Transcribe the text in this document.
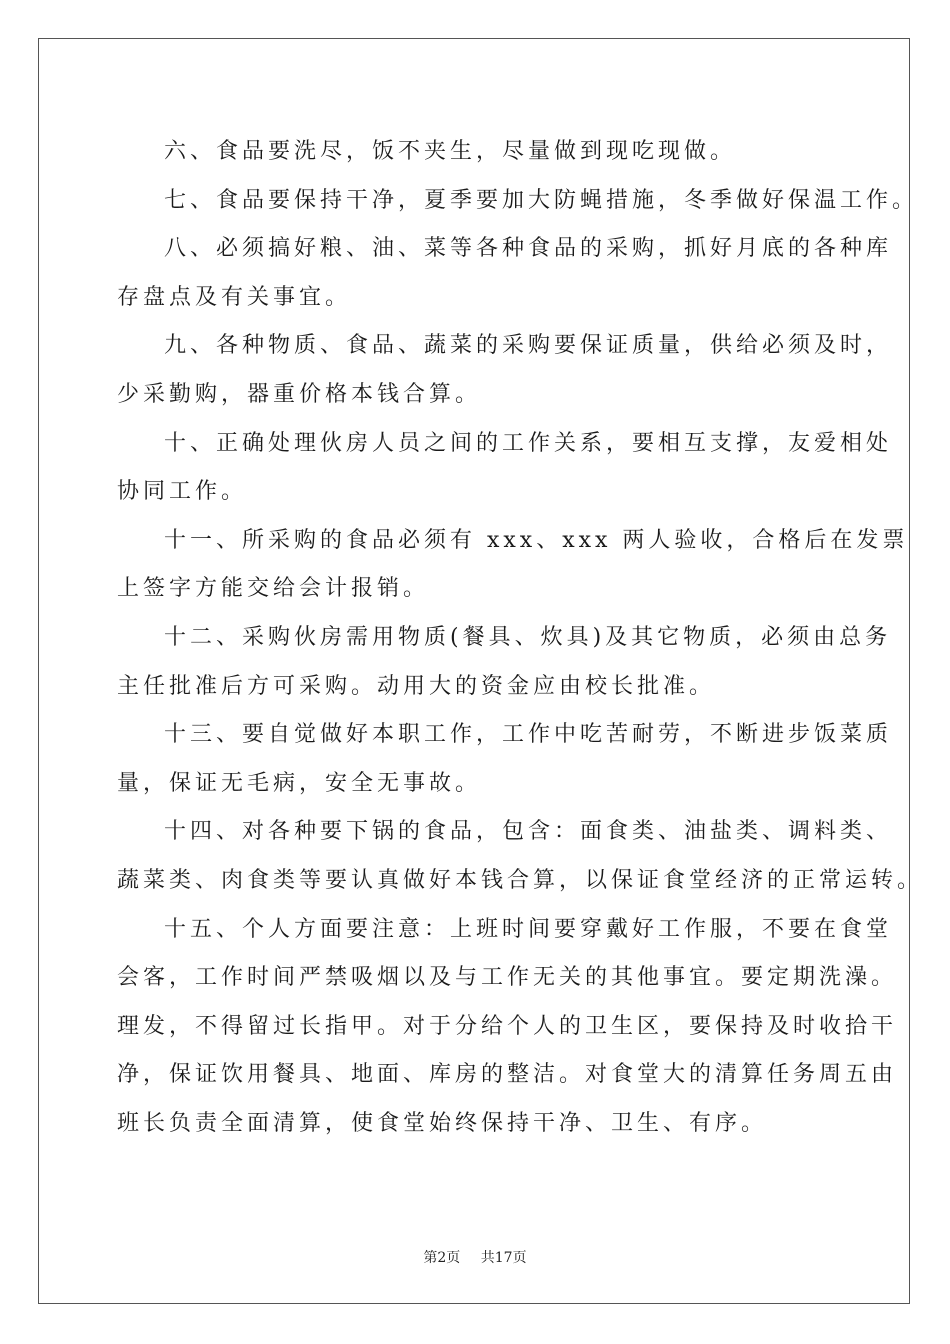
六、食品要洗尽，饭不夹生，尽量做到现吃现做。
七、食品要保持干净，夏季要加大防蝇措施，冬季做好保温工作。
八、必须搞好粮、油、菜等各种食品的采购，抓好月底的各种库
存盘点及有关事宜。
九、各种物质、食品、蔬菜的采购要保证质量，供给必须及时，
少采勤购，器重价格本钱合算。
十、正确处理伙房人员之间的工作关系，要相互支撑，友爱相处
协同工作。
十一、所采购的食品必须有 xxx、xxx 两人验收，合格后在发票
上签字方能交给会计报销。
十二、采购伙房需用物质(餐具、炊具)及其它物质，必须由总务
主任批准后方可采购。动用大的资金应由校长批准。
十三、要自觉做好本职工作，工作中吃苦耐劳，不断进步饭菜质
量，保证无毛病，安全无事故。
十四、对各种要下锅的食品，包含：面食类、油盐类、调料类、
蔬菜类、肉食类等要认真做好本钱合算，以保证食堂经济的正常运转。
十五、个人方面要注意：上班时间要穿戴好工作服，不要在食堂
会客，工作时间严禁吸烟以及与工作无关的其他事宜。要定期洗澡。
理发，不得留过长指甲。对于分给个人的卫生区，要保持及时收拾干
净，保证饮用餐具、地面、库房的整洁。对食堂大的清算任务周五由
班长负责全面清算，使食堂始终保持干净、卫生、有序。
第2页 共17页
